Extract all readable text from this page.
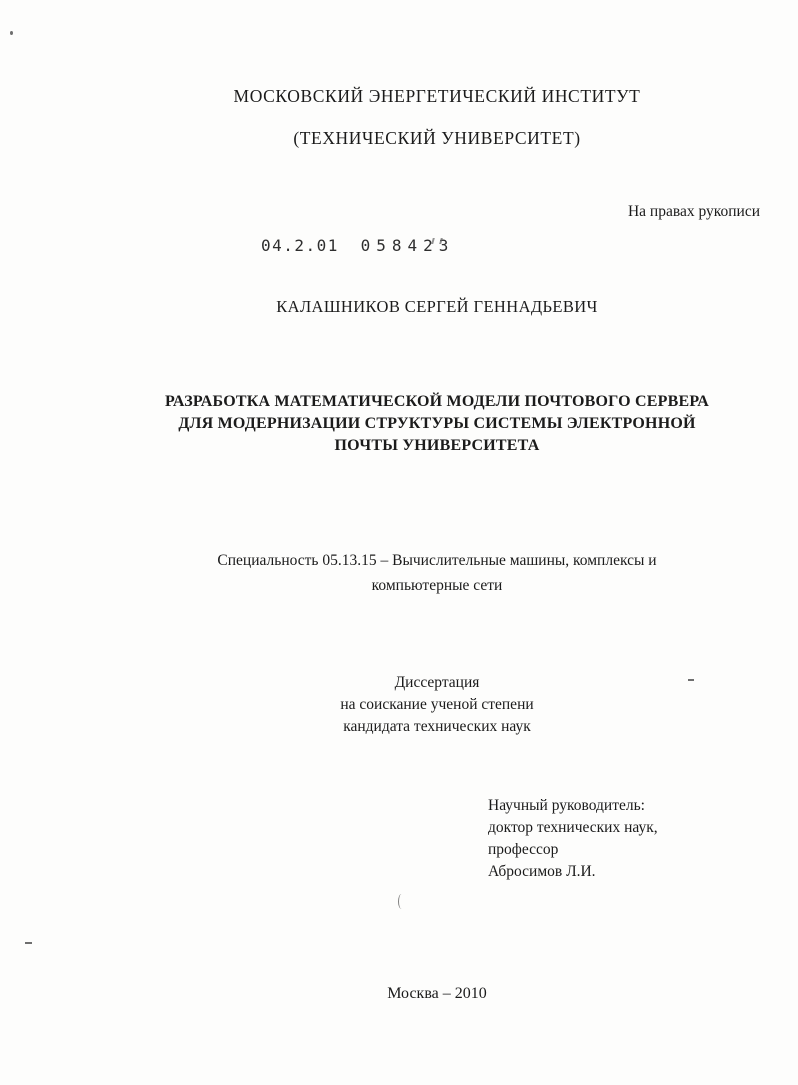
МОСКОВСКИЙ ЭНЕРГЕТИЧЕСКИЙ ИНСТИТУТ
(ТЕХНИЧЕСКИЙ УНИВЕРСИТЕТ)
На правах рукописи
04.2.01 058423
КАЛАШНИКОВ СЕРГЕЙ ГЕННАДЬЕВИЧ
РАЗРАБОТКА МАТЕМАТИЧЕСКОЙ МОДЕЛИ ПОЧТОВОГО СЕРВЕРА
ДЛЯ МОДЕРНИЗАЦИИ СТРУКТУРЫ СИСТЕМЫ ЭЛЕКТРОННОЙ
ПОЧТЫ УНИВЕРСИТЕТА
Специальность 05.13.15 – Вычислительные машины, комплексы и
компьютерные сети
Диссертация
на соискание ученой степени
кандидата технических наук
Научный руководитель:
доктор технических наук,
профессор
Абросимов Л.И.
Москва – 2010
